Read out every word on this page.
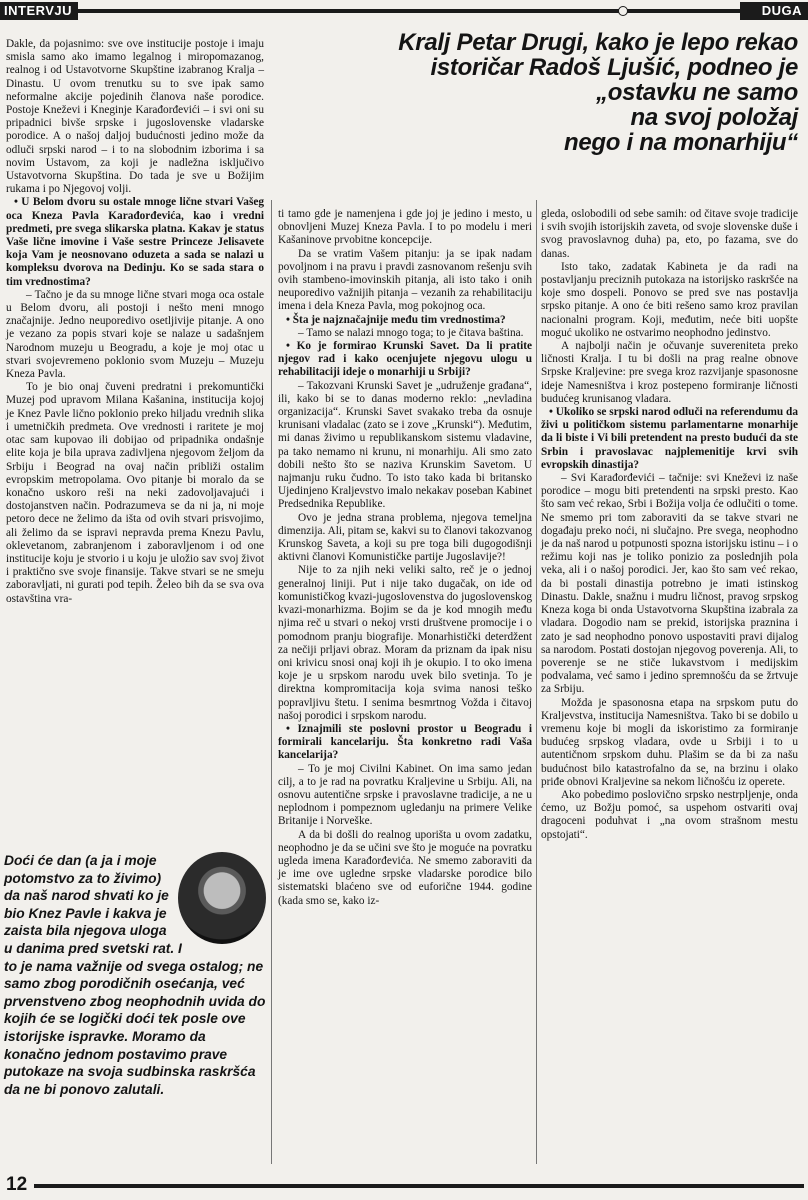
INTERVJU	DUGA
Kralj Petar Drugi, kako je lepo rekao
istoričar Radoš Ljušić, podneo je
„ostavku ne samo
na svoj položaj
nego i na monarhiju“

Dakle, da pojasnimo: sve ove institucije postoje i imaju smisla samo ako imamo legalnog i miropomazanog, realnog i od Ustavotvorne Skupštine izabranog Kralja – Dinastu. U ovom trenutku su to sve ipak samo neformalne akcije pojedinih članova naše porodice. Postoje Kneževi i Kneginje Karađorđevići – i svi oni su pripadnici bivše srpske i jugoslovenske vladarske porodice. A o našoj daljoj budućnosti jedino može da odluči srpski narod – i to na slobodnim izborima i sa novim Ustavom, za koji je nadležna isključivo Ustavotvorna Skupština. Do tada je sve u Božijim rukama i po Njegovoj volji.

• U Belom dvoru su ostale mnoge lične stvari Vašeg oca Kneza Pavla Karađorđevića, kao i vredni predmeti, pre svega slikarska platna. Kakav je status Vaše lične imovine i Vaše sestre Princeze Jelisavete koja Vam je neosnovano oduzeta a sada se nalazi u kompleksu dvorova na Dedinju. Ko se sada stara o tim vrednostima?

– Tačno je da su mnoge lične stvari moga oca ostale u Belom dvoru, ali postoji i nešto meni mnogo značajnije. Jedno neuporedivo osetljivije pitanje. A ono je vezano za popis stvari koje se nalaze u sadašnjem Narodnom muzeju u Beogradu, a koje je moj otac u stvari svojevremeno poklonio svom Muzeju – Muzeju Kneza Pavla.

To je bio onaj čuveni predratni i prekomuntički Muzej pod upravom Milana Kašanina, institucija kojoj je Knez Pavle lično poklonio preko hiljadu vrednih slika i umetničkih predmeta. Ove vrednosti i raritete je moj otac sam kupovao ili dobijao od pripadnika ondašnje elite koja je bila uprava zadivljena njegovom željom da Srbiju i Beograd na ovaj način približi ostalim evropskim metropolama. Ovo pitanje bi moralo da se konačno uskoro reši na neki zadovoljavajući i dostojanstven način. Podrazumeva se da ni ja, ni moje petoro dece ne želimo da išta od ovih stvari prisvojimo, ali želimo da se ispravi nepravda prema Knezu Pavlu, oklevetanom, zabranjenom i zaboravljenom i od one institucije koju je stvorio i u koju je uložio sav svoj život i praktično sve svoje finansije. Takve stvari se ne smeju zaboravljati, ni gurati pod tepih. Želeo bih da se sva ova ostavština vra-

Doći će dan (a ja i moje potomstvo za to živimo) da naš narod shvati ko je bio Knez Pavle i kakva je zaista bila njegova uloga u danima pred svetski rat. I to je nama važnije od svega ostalog; ne samo zbog porodičnih osećanja, već prvenstveno zbog neophodnih uvida do kojih će se logički doći tek posle ove istorijske ispravke. Moramo da konačno jednom postavimo prave putokaze na svoja sudbinska raskršća da ne bi ponovo zalutali.

ti tamo gde je namenjena i gde joj je jedino i mesto, u obnovljeni Muzej Kneza Pavla. I to po modelu i meri Kašaninove prvobitne koncepcije.

Da se vratim Vašem pitanju: ja se ipak nadam povoljnom i na pravu i pravdi zasnovanom rešenju svih ovih stambeno-imovinskih pitanja, ali isto tako i onih neuporedivo važnijih pitanja – vezanih za rehabilitaciju imena i dela Kneza Pavla, mog pokojnog oca.

• Šta je najznačajnije među tim vrednostima?

– Tamo se nalazi mnogo toga; to je čitava baština.

• Ko je formirao Krunski Savet. Da li pratite njegov rad i kako ocenjujete njegovu ulogu u rehabilitaciji ideje o monarhiji u Srbiji?

– Takozvani Krunski Savet je „udruženje građana“, ili, kako bi se to danas moderno reklo: „nevladina organizacija“. Krunski Savet svakako treba da osnuje krunisani vladalac (zato se i zove „Krunski“). Međutim, mi danas živimo u republikanskom sistemu vladavine, pa tako nemamo ni krunu, ni monarhiju. Ali smo zato dobili nešto što se naziva Krunskim Savetom. U najmanju ruku čudno. To isto tako kada bi britansko Ujedinjeno Kraljevstvo imalo nekakav poseban Kabinet Predsednika Republike.

Ovo je jedna strana problema, njegova temeljna dimenzija. Ali, pitam se, kakvi su to članovi takozvanog Krunskog Saveta, a koji su pre toga bili dugogodišnji aktivni članovi Komunističke partije Jugoslavije?!

Nije to za njih neki veliki salto, reč je o jednoj generalnoj liniji. Put i nije tako dugačak, on ide od komunističkog kvazi-jugoslovenstva do jugoslovenskog kvazi-monarhizma. Bojim se da je kod mnogih među njima reč u stvari o nekoj vrsti društvene promocije i o pomodnom pranju biografije. Monarhistički deterdžent za nečiji prljavi obraz. Moram da priznam da ipak nisu oni krivicu snosi onaj koji ih je okupio. I to oko imena koje je u srpskom narodu uvek bilo svetinja. To je direktna kompromitacija koja svima nanosi teško popravljivu štetu. I senima besmrtnog Vožda i čitavoj našoj porodici i srpskom narodu.

• Iznajmili ste poslovni prostor u Beogradu i formirali kancelariju. Šta konkretno radi Vaša kancelarija?

– To je moj Civilni Kabinet. On ima samo jedan cilj, a to je rad na povratku Kraljevine u Srbiju. Ali, na osnovu autentične srpske i pravoslavne tradicije, a ne u neplodnom i pompeznom ugledanju na primere Velike Britanije i Norveške.

A da bi došli do realnog uporišta u ovom zadatku, neophodno je da se učini sve što je moguće na povratku ugleda imena Karađorđevića. Ne smemo zaboraviti da je ime ove ugledne srpske vladarske porodice bilo sistematski blaćeno sve od euforične 1944. godine (kada smo se, kako iz-

gleda, oslobodili od sebe samih: od čitave svoje tradicije i svih svojih istorijskih zaveta, od svoje slovenske duše i svog pravoslavnog duha) pa, eto, po fazama, sve do danas.

Isto tako, zadatak Kabineta je da radi na postavljanju preciznih putokaza na istorijsko raskršće na koje smo dospeli. Ponovo se pred sve nas postavlja srpsko pitanje. A ono će biti rešeno samo kroz pravilan nacionalni program. Koji, međutim, neće biti uopšte moguć ukoliko ne ostvarimo neophodno jedinstvo.

A najbolji način je očuvanje suvereniteta preko ličnosti Kralja. I tu bi došli na prag realne obnove Srpske Kraljevine: pre svega kroz razvijanje spasonosne ideje Namesništva i kroz postepeno formiranje ličnosti budućeg krunisanog vladara.

• Ukoliko se srpski narod odluči na referendumu da živi u političkom sistemu parlamentarne monarhije da li biste i Vi bili pretendent na presto budući da ste Srbin i pravoslavac najplemenitije krvi svih evropskih dinastija?

– Svi Karađorđevići – tačnije: svi Kneževi iz naše porodice – mogu biti pretendenti na srpski presto. Kao što sam već rekao, Srbi i Božija volja će odlučiti o tome. Ne smemo pri tom zaboraviti da se takve stvari ne događaju preko noći, ni slučajno. Pre svega, neophodno je da naš narod u potpunosti spozna istorijsku istinu – i o režimu koji nas je toliko ponizio za poslednjih pola veka, ali i o našoj porodici. Jer, kao što sam već rekao, da bi postali dinastija potrebno je imati istinskog Dinastu. Dakle, snažnu i mudru ličnost, pravog srpskog Kneza koga bi onda Ustavotvorna Skupština izabrala za vladara. Dogodio nam se prekid, istorijska praznina i zato je sad neophodno ponovo uspostaviti pravi dijalog sa narodom. Postati dostojan njegovog poverenja. Ali, to poverenje se ne stiče lukavstvom i medijskim podvalama, već samo i jedino spremnošću da se žrtvuje za Srbiju.

Možda je spasonosna etapa na srpskom putu do Kraljevstva, institucija Namesništva. Tako bi se dobilo u vremenu koje bi mogli da iskoristimo za formiranje budućeg srpskog vladara, ovde u Srbiji i to u autentičnom srpskom duhu. Plašim se da bi za našu budućnost bilo katastrofalno da se, na brzinu i olako priđe obnovi Kraljevine sa nekom ličnošću iz operete.

Ako pobedimo poslovično srpsko nestrpljenje, onda ćemo, uz Božju pomoć, sa uspehom ostvariti ovaj dragoceni poduhvat i „na ovom strašnom mestu opstojati“.

12
